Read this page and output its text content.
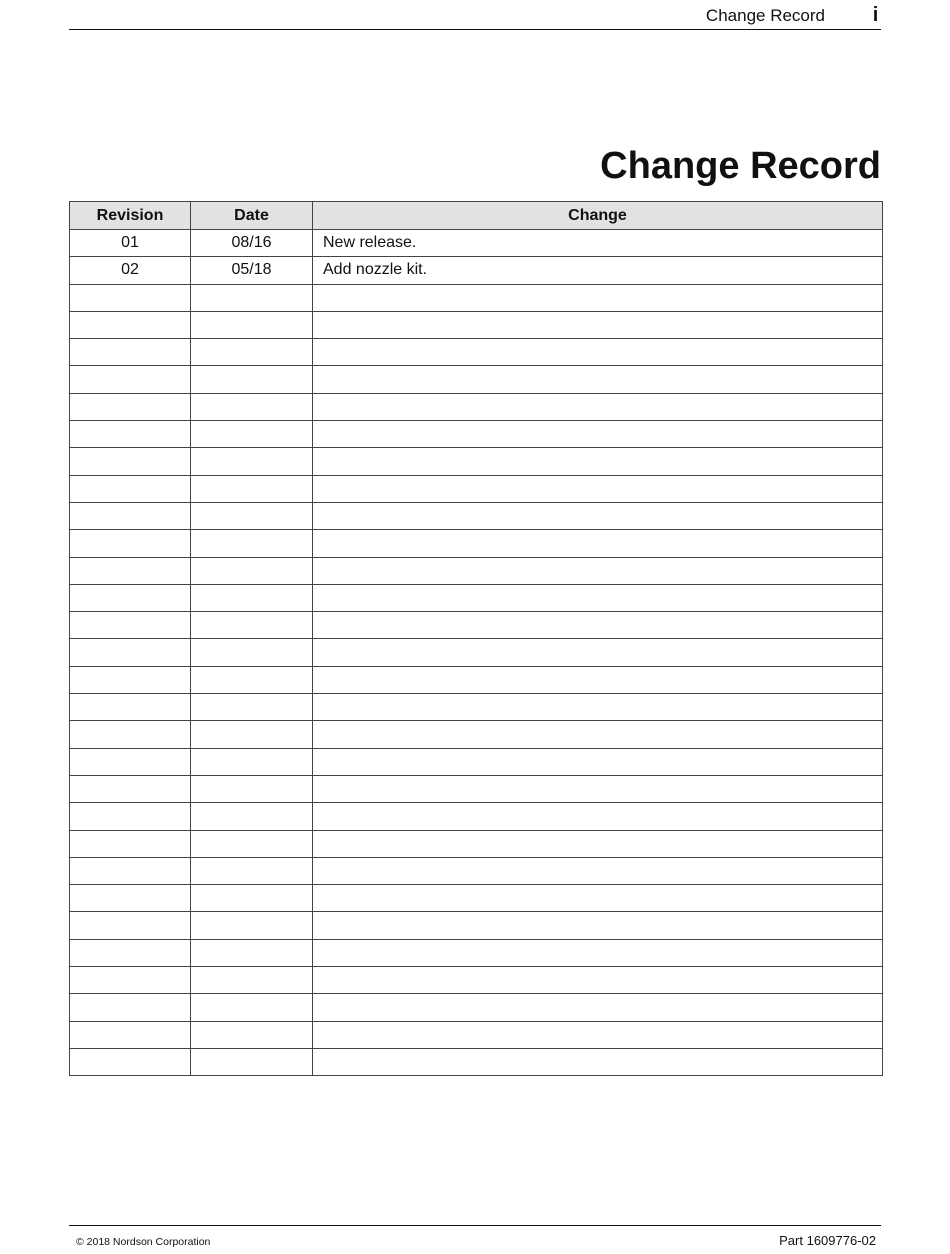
Change Record i
Change Record
Revision	Date	Change
01	08/16	New release.
02	05/18	Add nozzle kit.

© 2018 Nordson Corporation	Part 1609776-02
